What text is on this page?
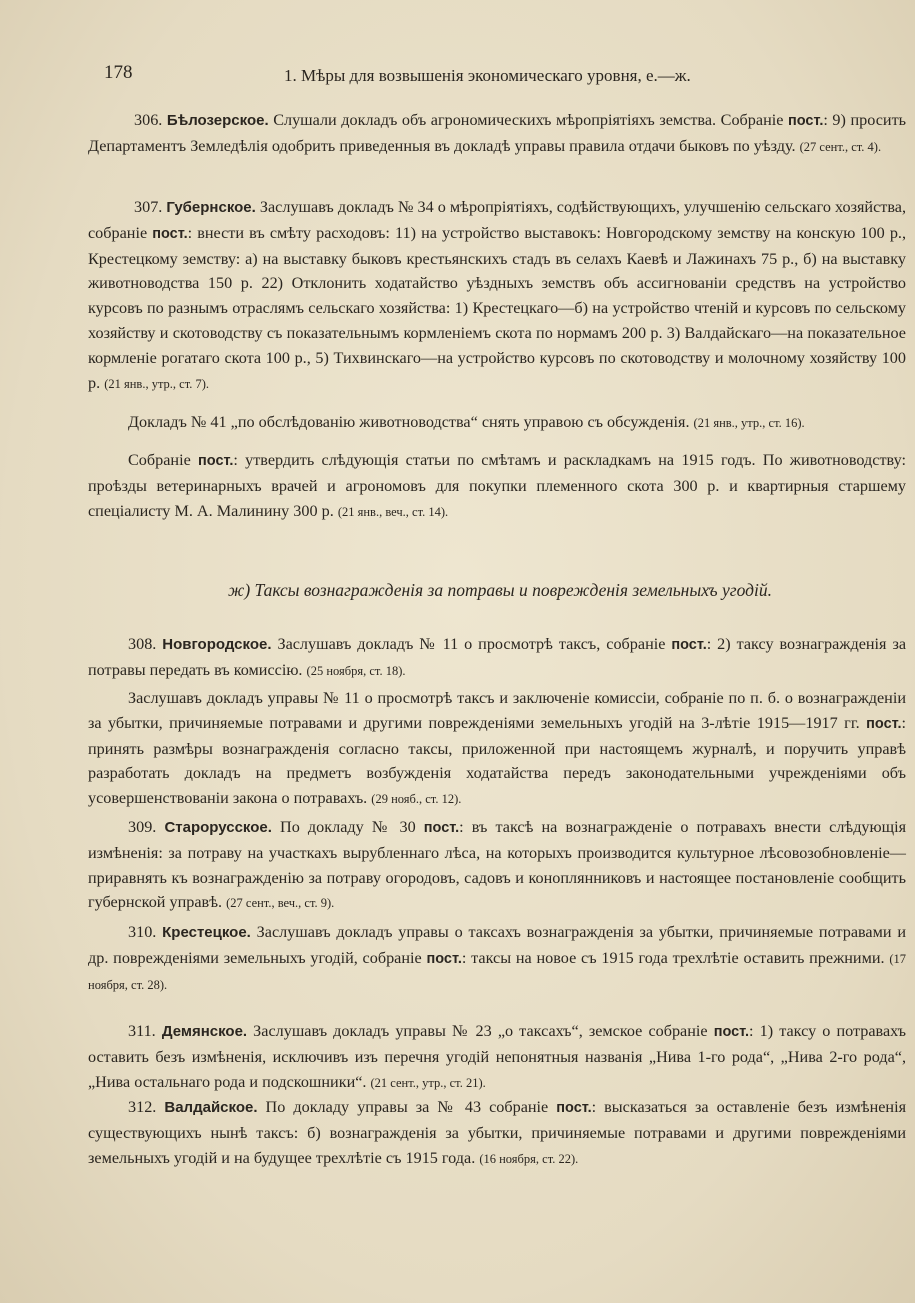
178	1. Мѣры для возвышенія экономическаго уровня, е.—ж.

306. Бѣлозерское. Слушали докладъ объ агрономическихъ мѣропріятіяхъ земства. Собраніе пост.: 9) просить Департаментъ Земледѣлія одобрить приведенныя въ докладѣ управы правила отдачи быковъ по уѣзду. (27 сент., ст. 4).

307. Губернское. Заслушавъ докладъ № 34 о мѣропріятіяхъ, содѣйствующихъ, улучшенію сельскаго хозяйства, собраніе пост.: внести въ смѣту расходовъ: 11) на устройство выставокъ: Новгородскому земству на конскую 100 р., Крестецкому земству: а) на выставку быковъ крестьянскихъ стадъ въ селахъ Каевѣ и Лажинахъ 75 р., б) на выставку животноводства 150 р. 22) Отклонить ходатайство уѣздныхъ земствъ объ ассигнованіи средствъ на устройство курсовъ по разнымъ отраслямъ сельскаго хозяйства: 1) Крестецкаго—б) на устройство чтеній и курсовъ по сельскому хозяйству и скотоводству съ показательнымъ кормленіемъ скота по нормамъ 200 р. 3) Валдайскаго—на показательное кормленіе рогатаго скота 100 р., 5) Тихвинскаго—на устройство курсовъ по скотоводству и молочному хозяйству 100 р. (21 янв., утр., ст. 7).

Докладъ № 41 „по обслѣдованію животноводства“ снять управою съ обсужденія. (21 янв., утр., ст. 16).

Собраніе пост.: утвердить слѣдующія статьи по смѣтамъ и раскладкамъ на 1915 годъ. По животноводству: проѣзды ветеринарныхъ врачей и агрономовъ для покупки племенного скота 300 р. и квартирныя старшему спеціалисту М. А. Малинину 300 р. (21 янв., веч., ст. 14).

ж) Таксы вознагражденія за потравы и поврежденія земельныхъ угодій.

308. Новгородское. Заслушавъ докладъ № 11 о просмотрѣ таксъ, собраніе пост.: 2) таксу вознагражденія за потравы передать въ комиссію. (25 ноября, ст. 18).

Заслушавъ докладъ управы № 11 о просмотрѣ таксъ и заключеніе комиссіи, собраніе по п. б. о вознагражденіи за убытки, причиняемые потравами и другими поврежденіями земельныхъ угодій на 3-лѣтіе 1915—1917 гг. пост.: принять размѣры вознагражденія согласно таксы, приложенной при настоящемъ журналѣ, и поручить управѣ разработать докладъ на предметъ возбужденія ходатайства передъ законодательными учрежденіями объ усовершенствованіи закона о потравахъ. (29 нояб., ст. 12).

309. Старорусское. По докладу № 30 пост.: въ таксѣ на вознагражденіе о потравахъ внести слѣдующія измѣненія: за потраву на участкахъ вырубленнаго лѣса, на которыхъ производится культурное лѣсовозобновленіе—приравнять къ вознагражденію за потраву огородовъ, садовъ и коноплянниковъ и настоящее постановленіе сообщить губернской управѣ. (27 сент., веч., ст. 9).

310. Крестецкое. Заслушавъ докладъ управы о таксахъ вознагражденія за убытки, причиняемые потравами и др. поврежденіями земельныхъ угодій, собраніе пост.: таксы на новое съ 1915 года трехлѣтіе оставить прежними. (17 ноября, ст. 28).

311. Демянское. Заслушавъ докладъ управы № 23 „о таксахъ“, земское собраніе пост.: 1) таксу о потравахъ оставить безъ измѣненія, исключивъ изъ перечня угодій непонятныя названія „Нива 1-го рода“, „Нива 2-го рода“, „Нива остальнаго рода и подскошники“. (21 сент., утр., ст. 21).

312. Валдайское. По докладу управы за № 43 собраніе пост.: высказаться за оставленіе безъ измѣненія существующихъ нынѣ таксъ: б) вознагражденія за убытки, причиняемые потравами и другими поврежденіями земельныхъ угодій и на будущее трехлѣтіе съ 1915 года. (16 ноября, ст. 22).
